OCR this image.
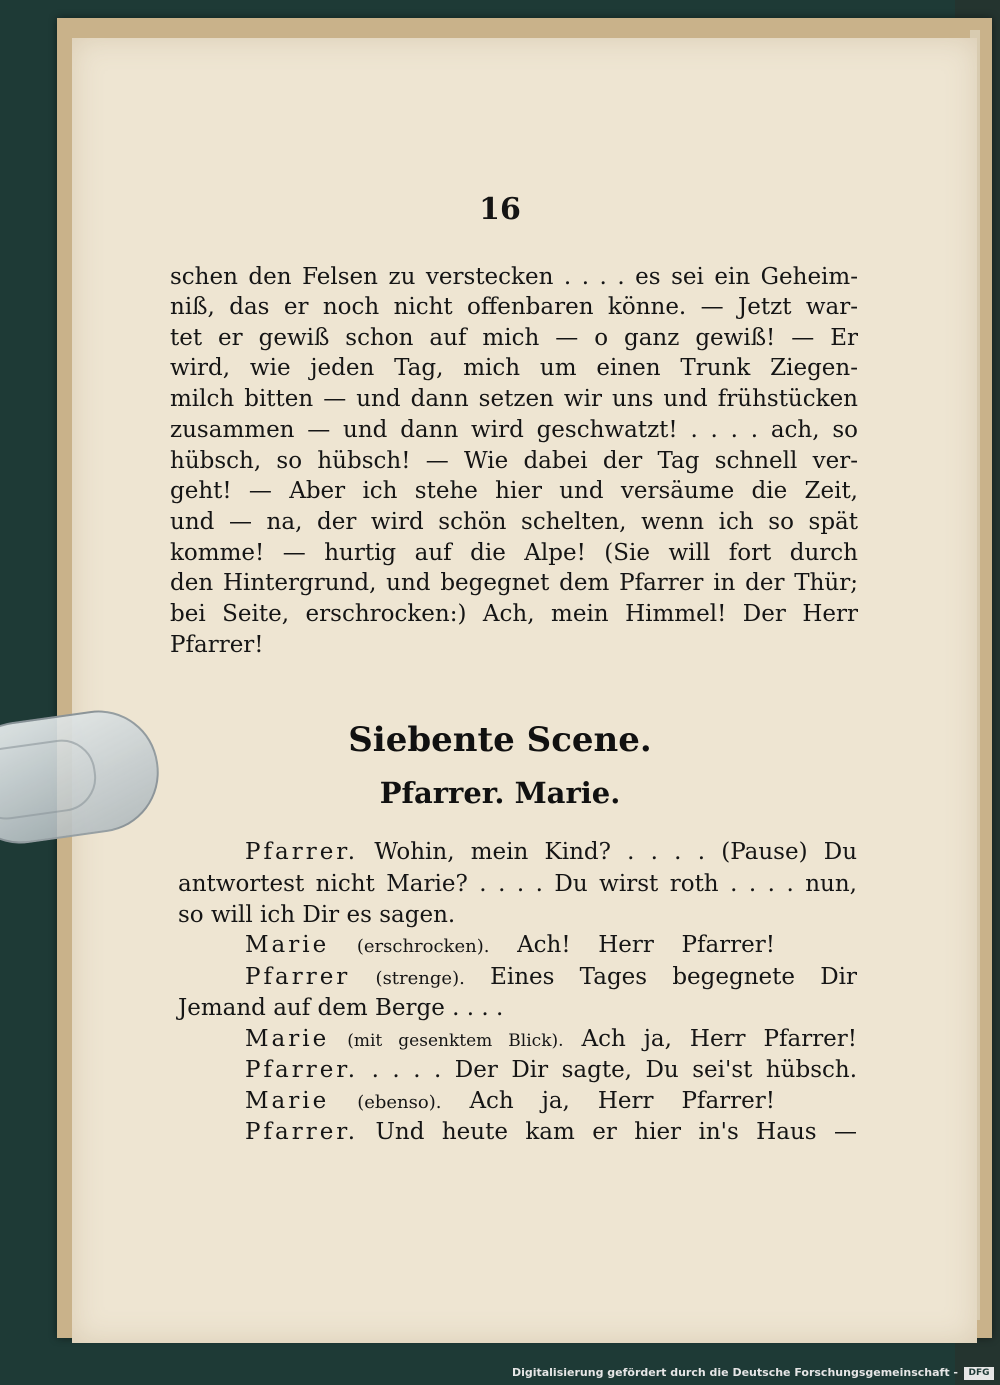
16
schen den Felsen zu verstecken . . . . es sei ein Geheim-
niß, das er noch nicht offenbaren könne. — Jetzt war-
tet er gewiß schon auf mich — o ganz gewiß! — Er
wird, wie jeden Tag, mich um einen Trunk Ziegen-
milch bitten — und dann setzen wir uns und frühstücken
zusammen — und dann wird geschwatzt! . . . . ach, so
hübsch, so hübsch! — Wie dabei der Tag schnell ver-
geht! — Aber ich stehe hier und versäume die Zeit,
und — na, der wird schön schelten, wenn ich so spät
komme! — hurtig auf die Alpe! (Sie will fort durch
den Hintergrund, und begegnet dem Pfarrer in der Thür;
bei Seite, erschrocken:) Ach, mein Himmel! Der Herr
Pfarrer!
Siebente Scene.
Pfarrer. Marie.
Pfarrer. Wohin, mein Kind? . . . . (Pause) Du
antwortest nicht Marie? . . . . Du wirst roth . . . . nun,
so will ich Dir es sagen.
Marie (erschrocken). Ach! Herr Pfarrer!
Pfarrer (strenge). Eines Tages begegnete Dir
Jemand auf dem Berge . . . .
Marie (mit gesenktem Blick). Ach ja, Herr Pfarrer!
Pfarrer. . . . . Der Dir sagte, Du sei'st hübsch.
Marie (ebenso). Ach ja, Herr Pfarrer!
Pfarrer. Und heute kam er hier in's Haus —
Digitalisierung gefördert durch die Deutsche Forschungsgemeinschaft -	DFG
